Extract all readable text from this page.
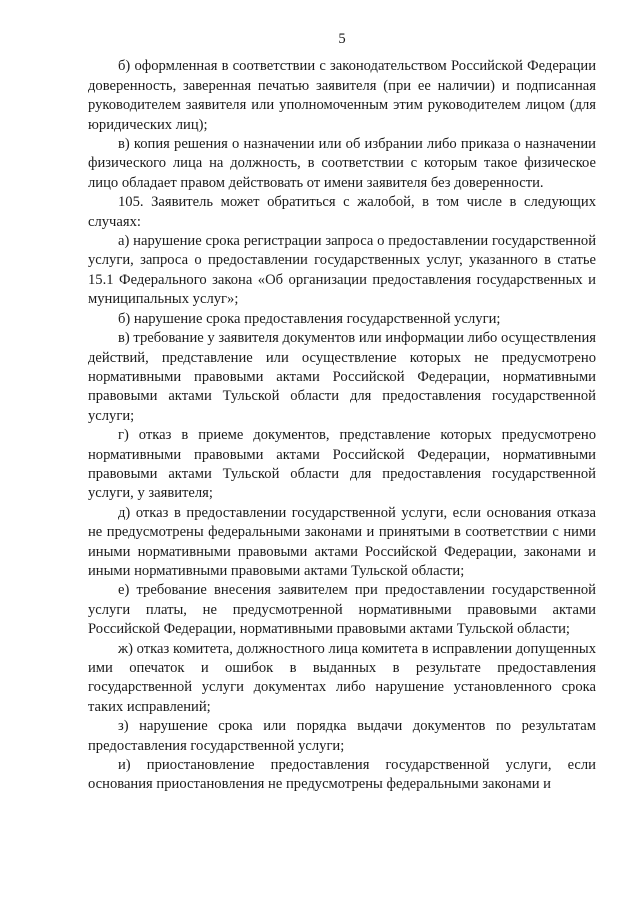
5

б) оформленная в соответствии с законодательством Российской Федерации доверенность, заверенная печатью заявителя (при ее наличии) и подписанная руководителем заявителя или уполномоченным этим руководителем лицом (для юридических лиц);

в) копия решения о назначении или об избрании либо приказа о назначении физического лица на должность, в соответствии с которым такое физическое лицо обладает правом действовать от имени заявителя без доверенности.

105. Заявитель может обратиться с жалобой, в том числе в следующих случаях:

а) нарушение срока регистрации запроса о предоставлении государственной услуги, запроса о предоставлении государственных услуг, указанного в статье 15.1 Федерального закона «Об организации предоставления государственных и муниципальных услуг»;

б) нарушение срока предоставления государственной услуги;

в) требование у заявителя документов или информации либо осуществления действий, представление или осуществление которых не предусмотрено нормативными правовыми актами Российской Федерации, нормативными правовыми актами Тульской области для предоставления государственной услуги;

г) отказ в приеме документов, представление которых предусмотрено нормативными правовыми актами Российской Федерации, нормативными правовыми актами Тульской области для предоставления государственной услуги, у заявителя;

д) отказ в предоставлении государственной услуги, если основания отказа не предусмотрены федеральными законами и принятыми в соответствии с ними иными нормативными правовыми актами Российской Федерации, законами и иными нормативными правовыми актами Тульской области;

е) требование внесения заявителем при предоставлении государственной услуги платы, не предусмотренной нормативными правовыми актами Российской Федерации, нормативными правовыми актами Тульской области;

ж) отказ комитета, должностного лица комитета в исправлении допущенных ими опечаток и ошибок в выданных в результате предоставления государственной услуги документах либо нарушение установленного срока таких исправлений;

з) нарушение срока или порядка выдачи документов по результатам предоставления государственной услуги;

и) приостановление предоставления государственной услуги, если основания приостановления не предусмотрены федеральными законами и
